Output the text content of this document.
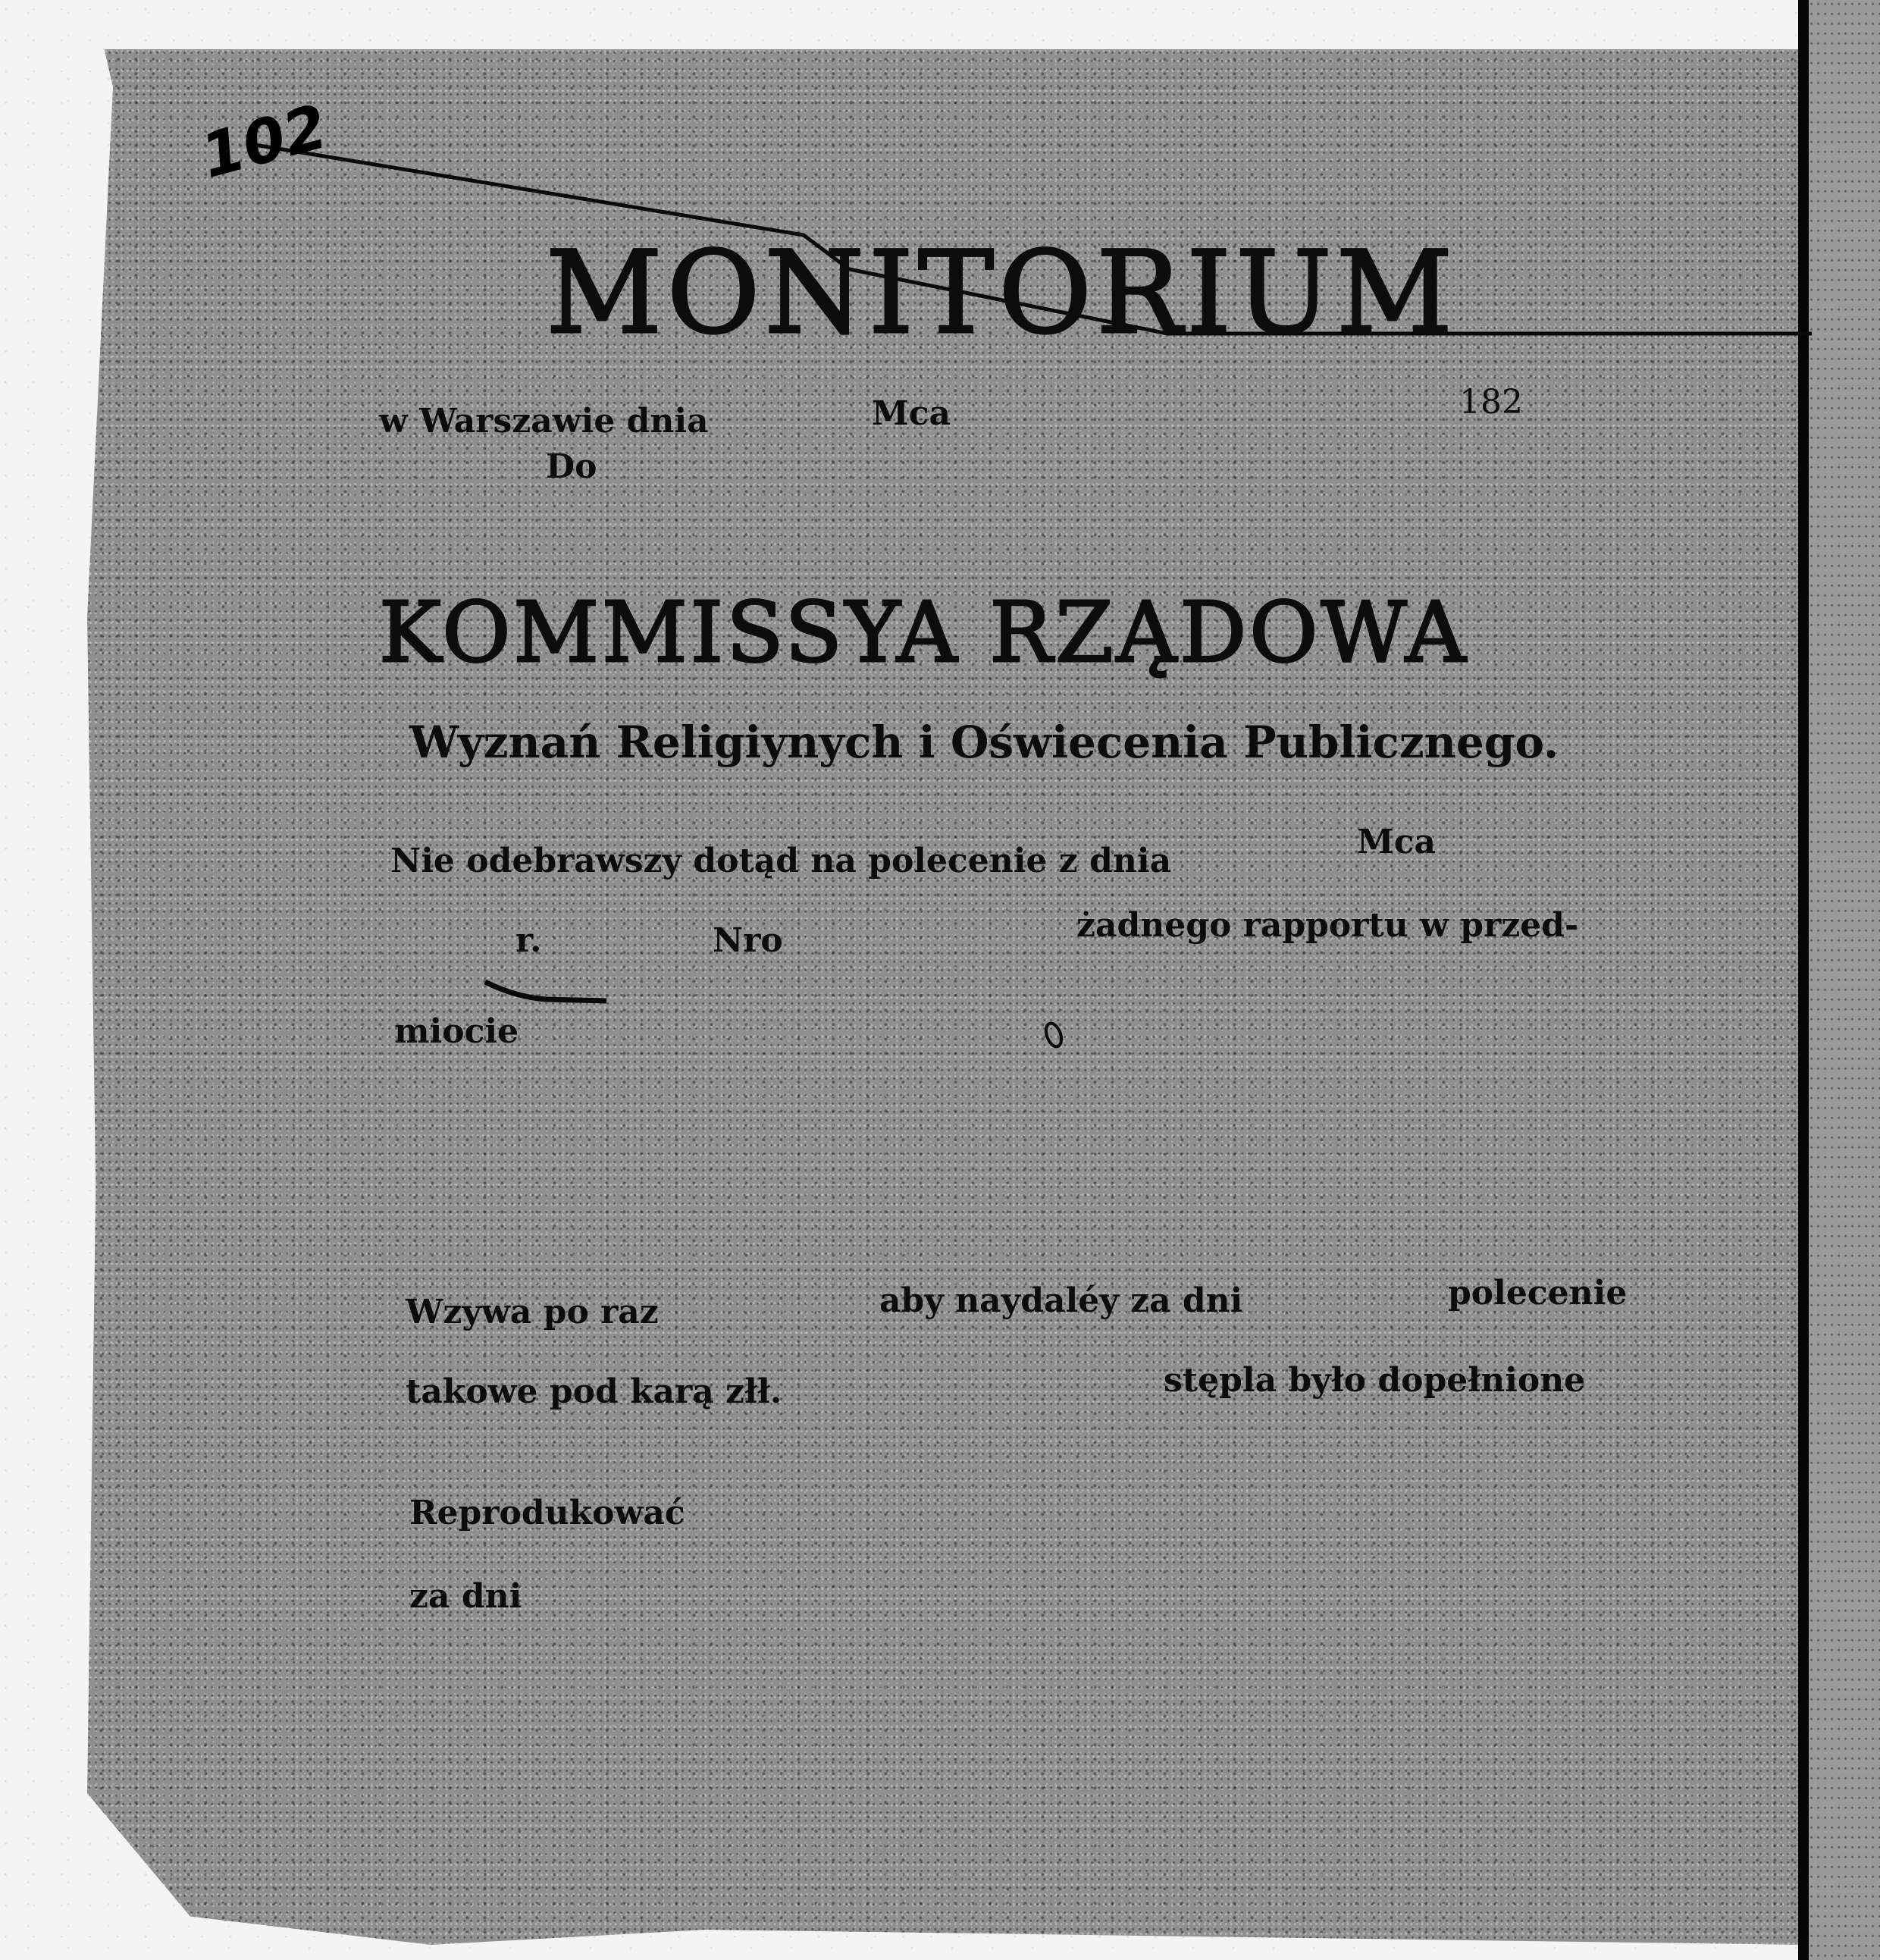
102
MONITORIUM
w Warszawie dnia	Mca	182
Do
KOMMISSYA RZĄDOWA
Wyznań Religiynych i Oświecenia Publicznego.
Nie odebrawszy dotąd na polecenie z dnia	Mca
r.	Nro	żadnego rapportu w przed-
miocie
Wzywa po raz	aby naydaléy za dni	polecenie
takowe pod karą złł.	stępla było dopełnione
Reprodukować
za dni
